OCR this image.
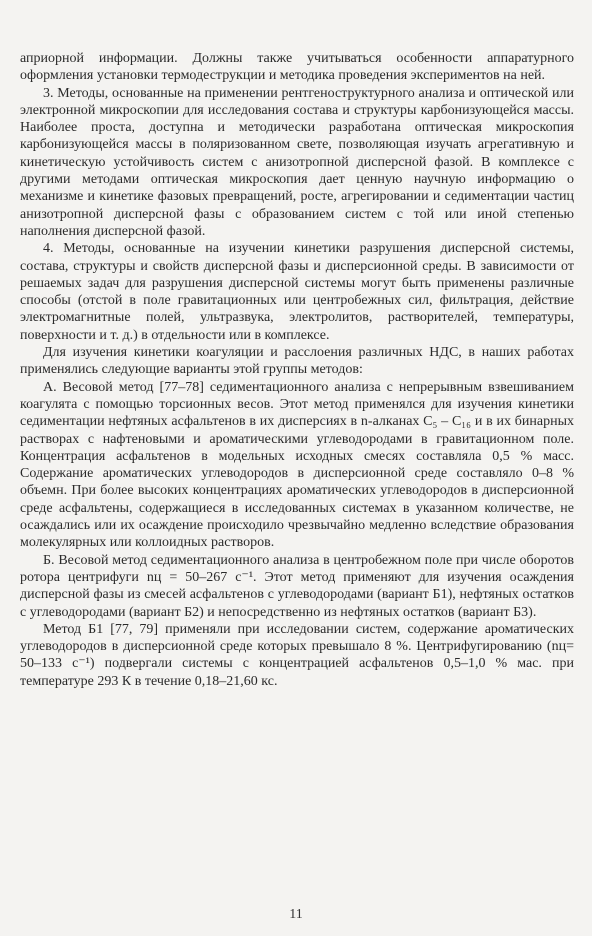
априорной информации. Должны также учитываться особенности аппаратурного оформления установки термодеструкции и методика проведения экспериментов на ней.

3. Методы, основанные на применении рентгеноструктурного анализа и оптической или электронной микроскопии для исследования состава и структуры карбонизующейся массы. Наиболее проста, доступна и методически разработана оптическая микроскопия карбонизующейся массы в поляризованном свете, позволяющая изучать агрегативную и кинетическую устойчивость систем с анизотропной дисперсной фазой. В комплексе с другими методами оптическая микроскопия дает ценную научную информацию о механизме и кинетике фазовых превращений, росте, агрегировании и седиментации частиц анизотропной дисперсной фазы с образованием систем с той или иной степенью наполнения дисперсной фазой.

4. Методы, основанные на изучении кинетики разрушения дисперсной системы, состава, структуры и свойств дисперсной фазы и дисперсионной среды. В зависимости от решаемых задач для разрушения дисперсной системы могут быть применены различные способы (отстой в поле гравитационных или центробежных сил, фильтрация, действие электромагнитные полей, ультразвука, электролитов, растворителей, температуры, поверхности и т. д.) в отдельности или в комплексе.

Для изучения кинетики коагуляции и расслоения различных НДС, в наших работах применялись следующие варианты этой группы методов:

А. Весовой метод [77–78] седиментационного анализа с непрерывным взвешиванием коагулята с помощью торсионных весов. Этот метод применялся для изучения кинетики седиментации нефтяных асфальтенов в их дисперсиях в n-алканах C₅ – C₁₆ и в их бинарных растворах с нафтеновыми и ароматическими углеводородами в гравитационном поле. Концентрация асфальтенов в модельных исходных смесях составляла 0,5 % масс. Содержание ароматических углеводородов в дисперсионной среде составляло 0–8 % объемн. При более высоких концентрациях ароматических углеводородов в дисперсионной среде асфальтены, содержащиеся в исследованных системах в указанном количестве, не осаждались или их осаждение происходило чрезвычайно медленно вследствие образования молекулярных или коллоидных растворов.

Б. Весовой метод седиментационного анализа в центробежном поле при числе оборотов ротора центрифуги nц = 50–267 с⁻¹. Этот метод применяют для изучения осаждения дисперсной фазы из смесей асфальтенов с углеводородами (вариант Б1), нефтяных остатков с углеводородами (вариант Б2) и непосредственно из нефтяных остатков (вариант Б3).

Метод Б1 [77, 79] применяли при исследовании систем, содержание ароматических углеводородов в дисперсионной среде которых превышало 8 %. Центрифугированию (nц= 50–133 с⁻¹) подвергали системы с концентрацией асфальтенов 0,5–1,0 % мас. при температуре 293 К в течение 0,18–21,60 кс.

11
